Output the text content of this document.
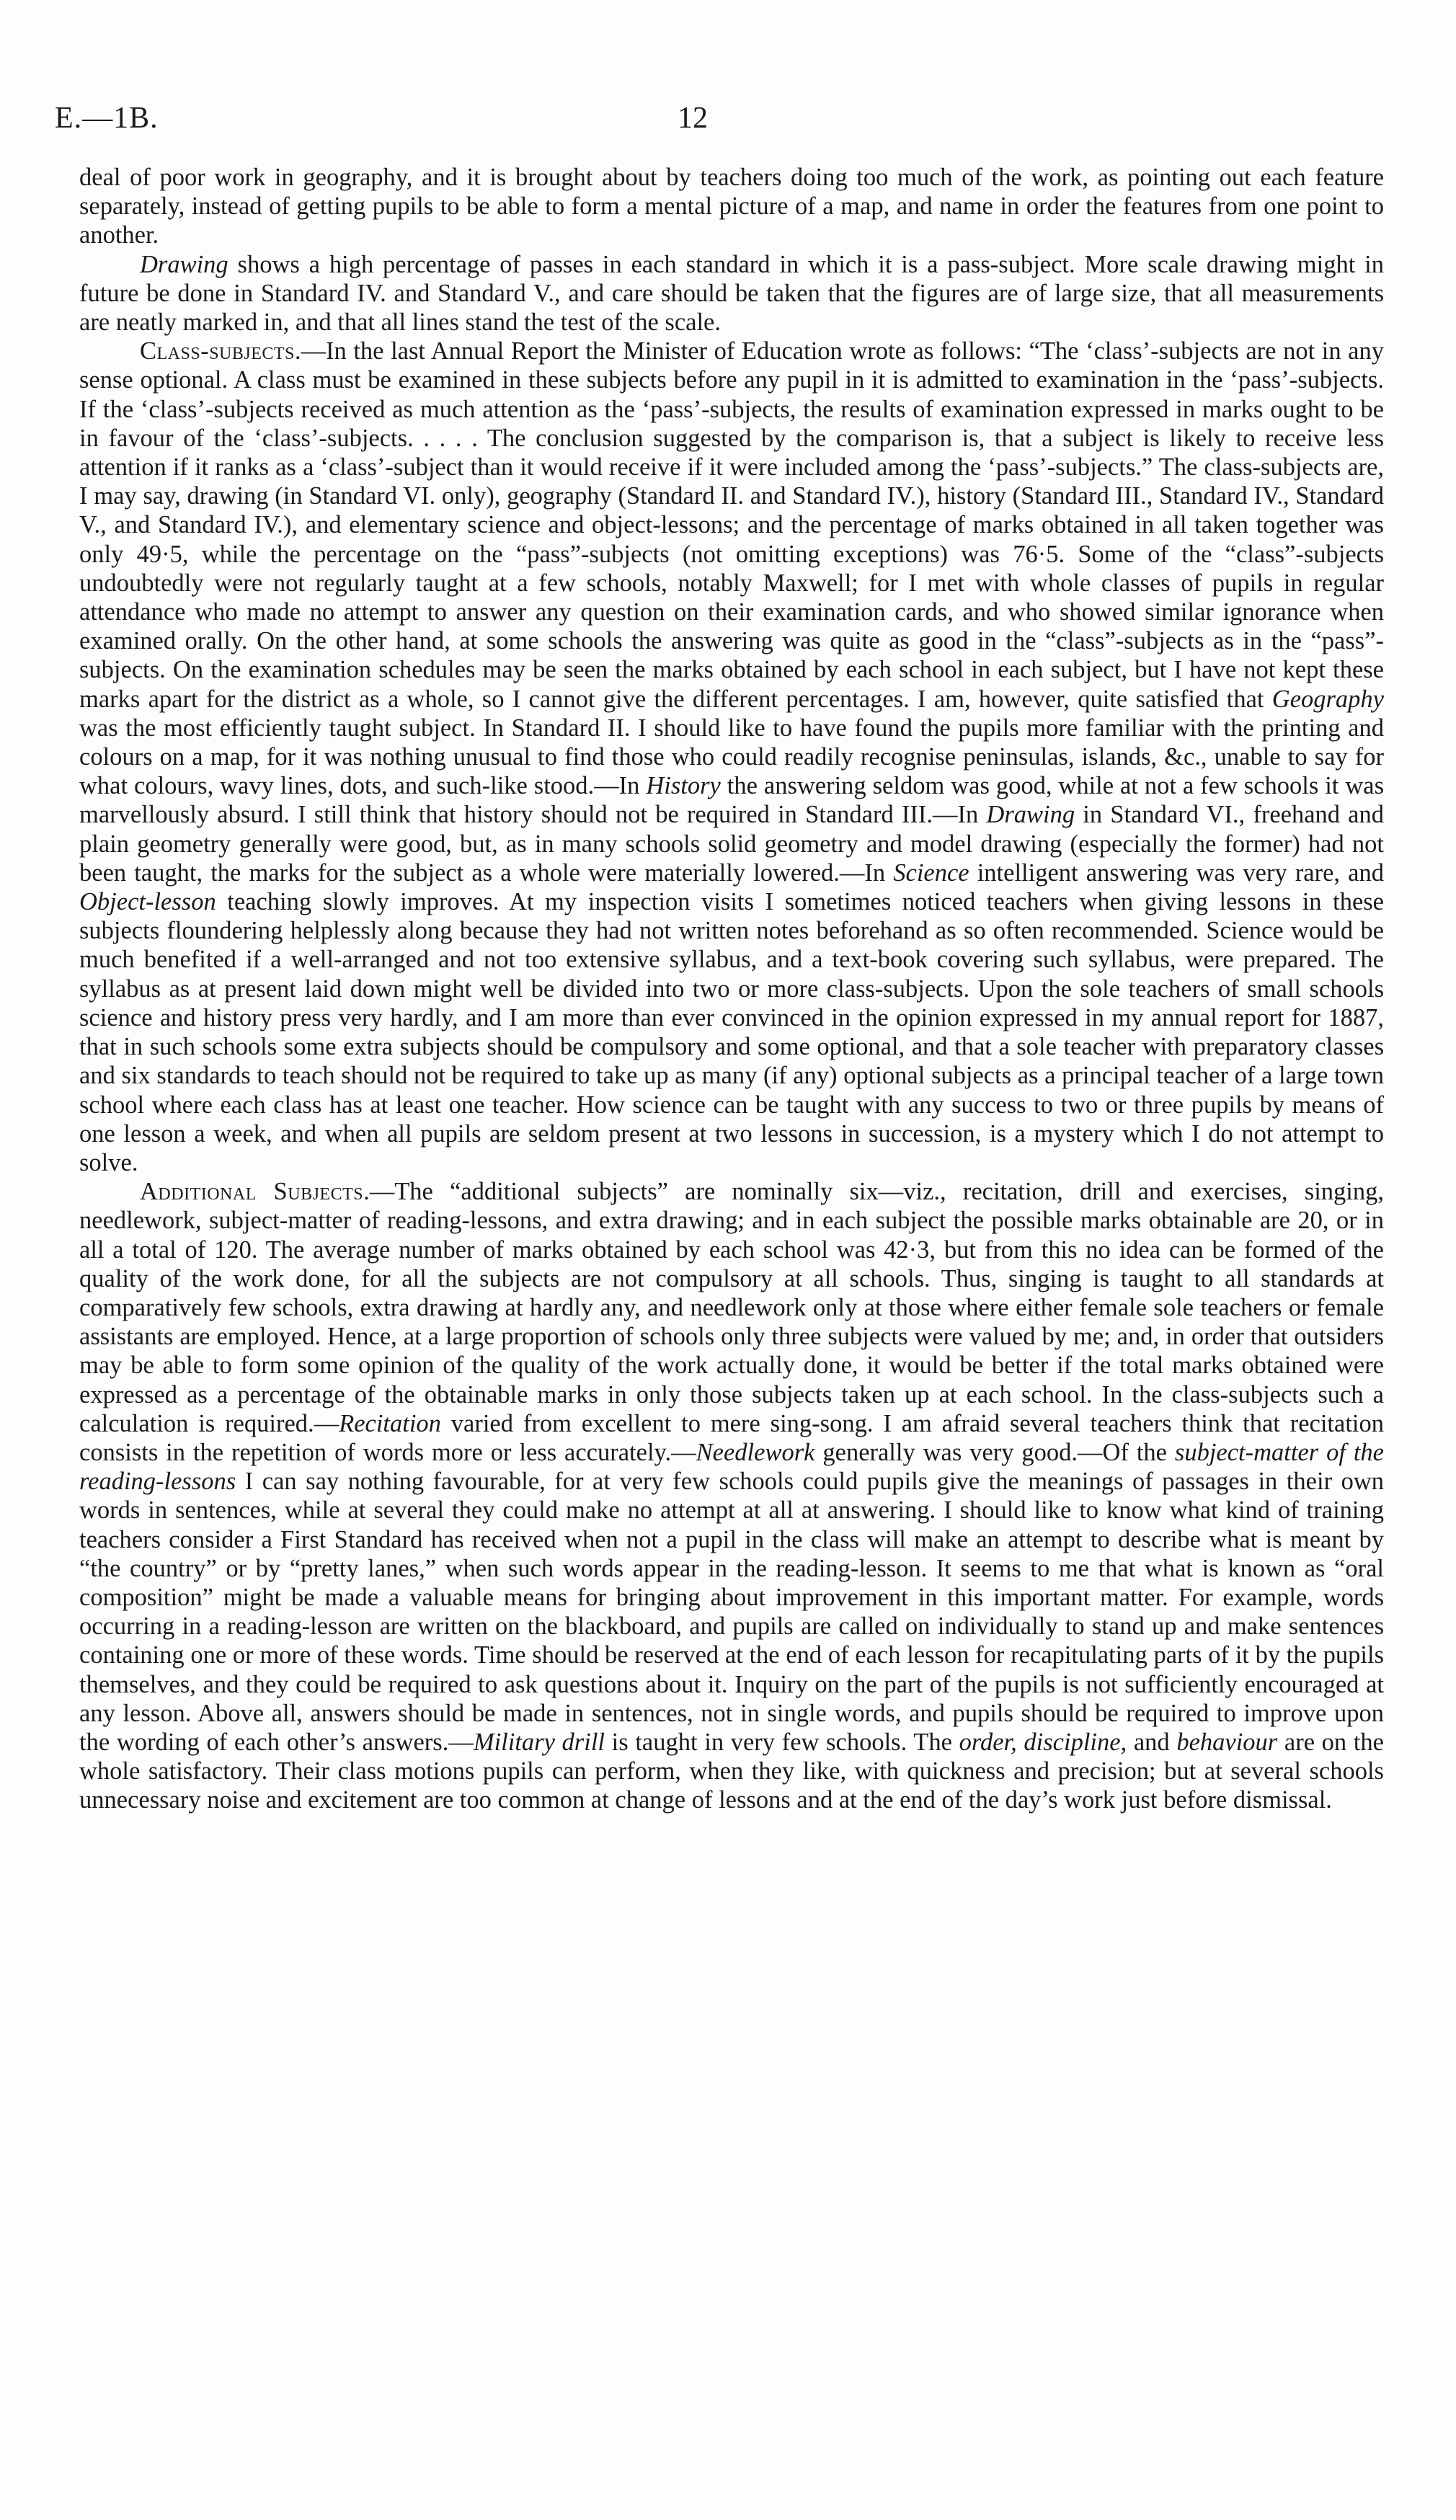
E.—1B.	12

deal of poor work in geography, and it is brought about by teachers doing too much of the work, as pointing out each feature separately, instead of getting pupils to be able to form a mental picture of a map, and name in order the features from one point to another.

Drawing shows a high percentage of passes in each standard in which it is a pass-subject. More scale drawing might in future be done in Standard IV. and Standard V., and care should be taken that the figures are of large size, that all measurements are neatly marked in, and that all lines stand the test of the scale.

Class-subjects.—In the last Annual Report the Minister of Education wrote as follows: “The ‘class’-subjects are not in any sense optional. A class must be examined in these subjects before any pupil in it is admitted to examination in the ‘pass’-subjects. If the ‘class’-subjects received as much attention as the ‘pass’-subjects, the results of examination expressed in marks ought to be in favour of the ‘class’-subjects. . . . . The conclusion suggested by the comparison is, that a subject is likely to receive less attention if it ranks as a ‘class’-subject than it would receive if it were included among the ‘pass’-subjects.” The class-subjects are, I may say, drawing (in Standard VI. only), geography (Standard II. and Standard IV.), history (Standard III., Standard IV., Standard V., and Standard IV.), and elementary science and object-lessons; and the percentage of marks obtained in all taken together was only 49·5, while the percentage on the “pass”-subjects (not omitting exceptions) was 76·5. Some of the “class”-subjects undoubtedly were not regularly taught at a few schools, notably Maxwell; for I met with whole classes of pupils in regular attendance who made no attempt to answer any question on their examination cards, and who showed similar ignorance when examined orally. On the other hand, at some schools the answering was quite as good in the “class”-subjects as in the “pass”-subjects. On the examination schedules may be seen the marks obtained by each school in each subject, but I have not kept these marks apart for the district as a whole, so I cannot give the different percentages. I am, however, quite satisfied that Geography was the most efficiently taught subject. In Standard II. I should like to have found the pupils more familiar with the printing and colours on a map, for it was nothing unusual to find those who could readily recognise peninsulas, islands, &c., unable to say for what colours, wavy lines, dots, and such-like stood.—In History the answering seldom was good, while at not a few schools it was marvellously absurd. I still think that history should not be required in Standard III.—In Drawing in Standard VI., freehand and plain geometry generally were good, but, as in many schools solid geometry and model drawing (especially the former) had not been taught, the marks for the subject as a whole were materially lowered.—In Science intelligent answering was very rare, and Object-lesson teaching slowly improves. At my inspection visits I sometimes noticed teachers when giving lessons in these subjects floundering helplessly along because they had not written notes beforehand as so often recommended. Science would be much benefited if a well-arranged and not too extensive syllabus, and a text-book covering such syllabus, were prepared. The syllabus as at present laid down might well be divided into two or more class-subjects. Upon the sole teachers of small schools science and history press very hardly, and I am more than ever convinced in the opinion expressed in my annual report for 1887, that in such schools some extra subjects should be compulsory and some optional, and that a sole teacher with preparatory classes and six standards to teach should not be required to take up as many (if any) optional subjects as a principal teacher of a large town school where each class has at least one teacher. How science can be taught with any success to two or three pupils by means of one lesson a week, and when all pupils are seldom present at two lessons in succession, is a mystery which I do not attempt to solve.

Additional Subjects.—The “additional subjects” are nominally six—viz., recitation, drill and exercises, singing, needlework, subject-matter of reading-lessons, and extra drawing; and in each subject the possible marks obtainable are 20, or in all a total of 120. The average number of marks obtained by each school was 42·3, but from this no idea can be formed of the quality of the work done, for all the subjects are not compulsory at all schools. Thus, singing is taught to all standards at comparatively few schools, extra drawing at hardly any, and needlework only at those where either female sole teachers or female assistants are employed. Hence, at a large proportion of schools only three subjects were valued by me; and, in order that outsiders may be able to form some opinion of the quality of the work actually done, it would be better if the total marks obtained were expressed as a percentage of the obtainable marks in only those subjects taken up at each school. In the class-subjects such a calculation is required.—Recitation varied from excellent to mere sing-song. I am afraid several teachers think that recitation consists in the repetition of words more or less accurately.—Needlework generally was very good.—Of the subject-matter of the reading-lessons I can say nothing favourable, for at very few schools could pupils give the meanings of passages in their own words in sentences, while at several they could make no attempt at all at answering. I should like to know what kind of training teachers consider a First Standard has received when not a pupil in the class will make an attempt to describe what is meant by “the country” or by “pretty lanes,” when such words appear in the reading-lesson. It seems to me that what is known as “oral composition” might be made a valuable means for bringing about improvement in this important matter. For example, words occurring in a reading-lesson are written on the blackboard, and pupils are called on individually to stand up and make sentences containing one or more of these words. Time should be reserved at the end of each lesson for recapitulating parts of it by the pupils themselves, and they could be required to ask questions about it. Inquiry on the part of the pupils is not sufficiently encouraged at any lesson. Above all, answers should be made in sentences, not in single words, and pupils should be required to improve upon the wording of each other’s answers.—Military drill is taught in very few schools. The order, discipline, and behaviour are on the whole satisfactory. Their class motions pupils can perform, when they like, with quickness and precision; but at several schools unnecessary noise and excitement are too common at change of lessons and at the end of the day’s work just before dismissal.
